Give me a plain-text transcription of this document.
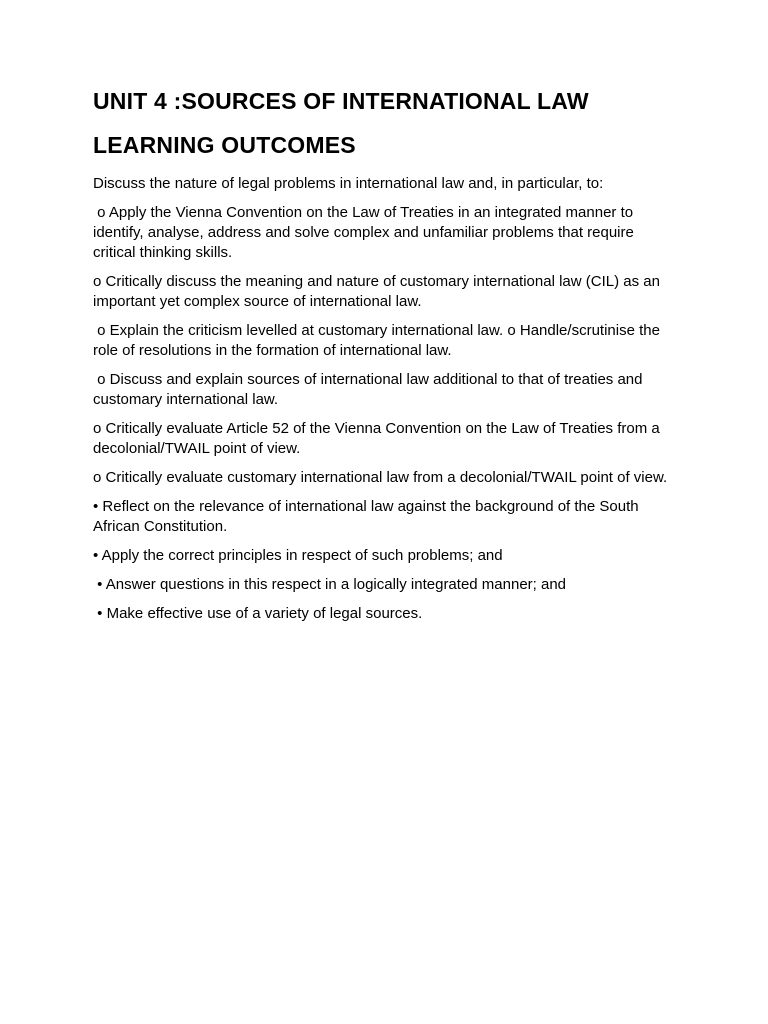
UNIT 4 :SOURCES OF INTERNATIONAL LAW
LEARNING OUTCOMES

Discuss the nature of legal problems in international law and, in particular, to:

o Apply the Vienna Convention on the Law of Treaties in an integrated manner to identify, analyse, address and solve complex and unfamiliar problems that require critical thinking skills.

o Critically discuss the meaning and nature of customary international law (CIL) as an important yet complex source of international law.

o Explain the criticism levelled at customary international law. o Handle/scrutinise the role of resolutions in the formation of international law.

o Discuss and explain sources of international law additional to that of treaties and customary international law.

o Critically evaluate Article 52 of the Vienna Convention on the Law of Treaties from a decolonial/TWAIL point of view.

o Critically evaluate customary international law from a decolonial/TWAIL point of view.

• Reflect on the relevance of international law against the background of the South African Constitution.

• Apply the correct principles in respect of such problems; and

• Answer questions in this respect in a logically integrated manner; and

• Make effective use of a variety of legal sources.
